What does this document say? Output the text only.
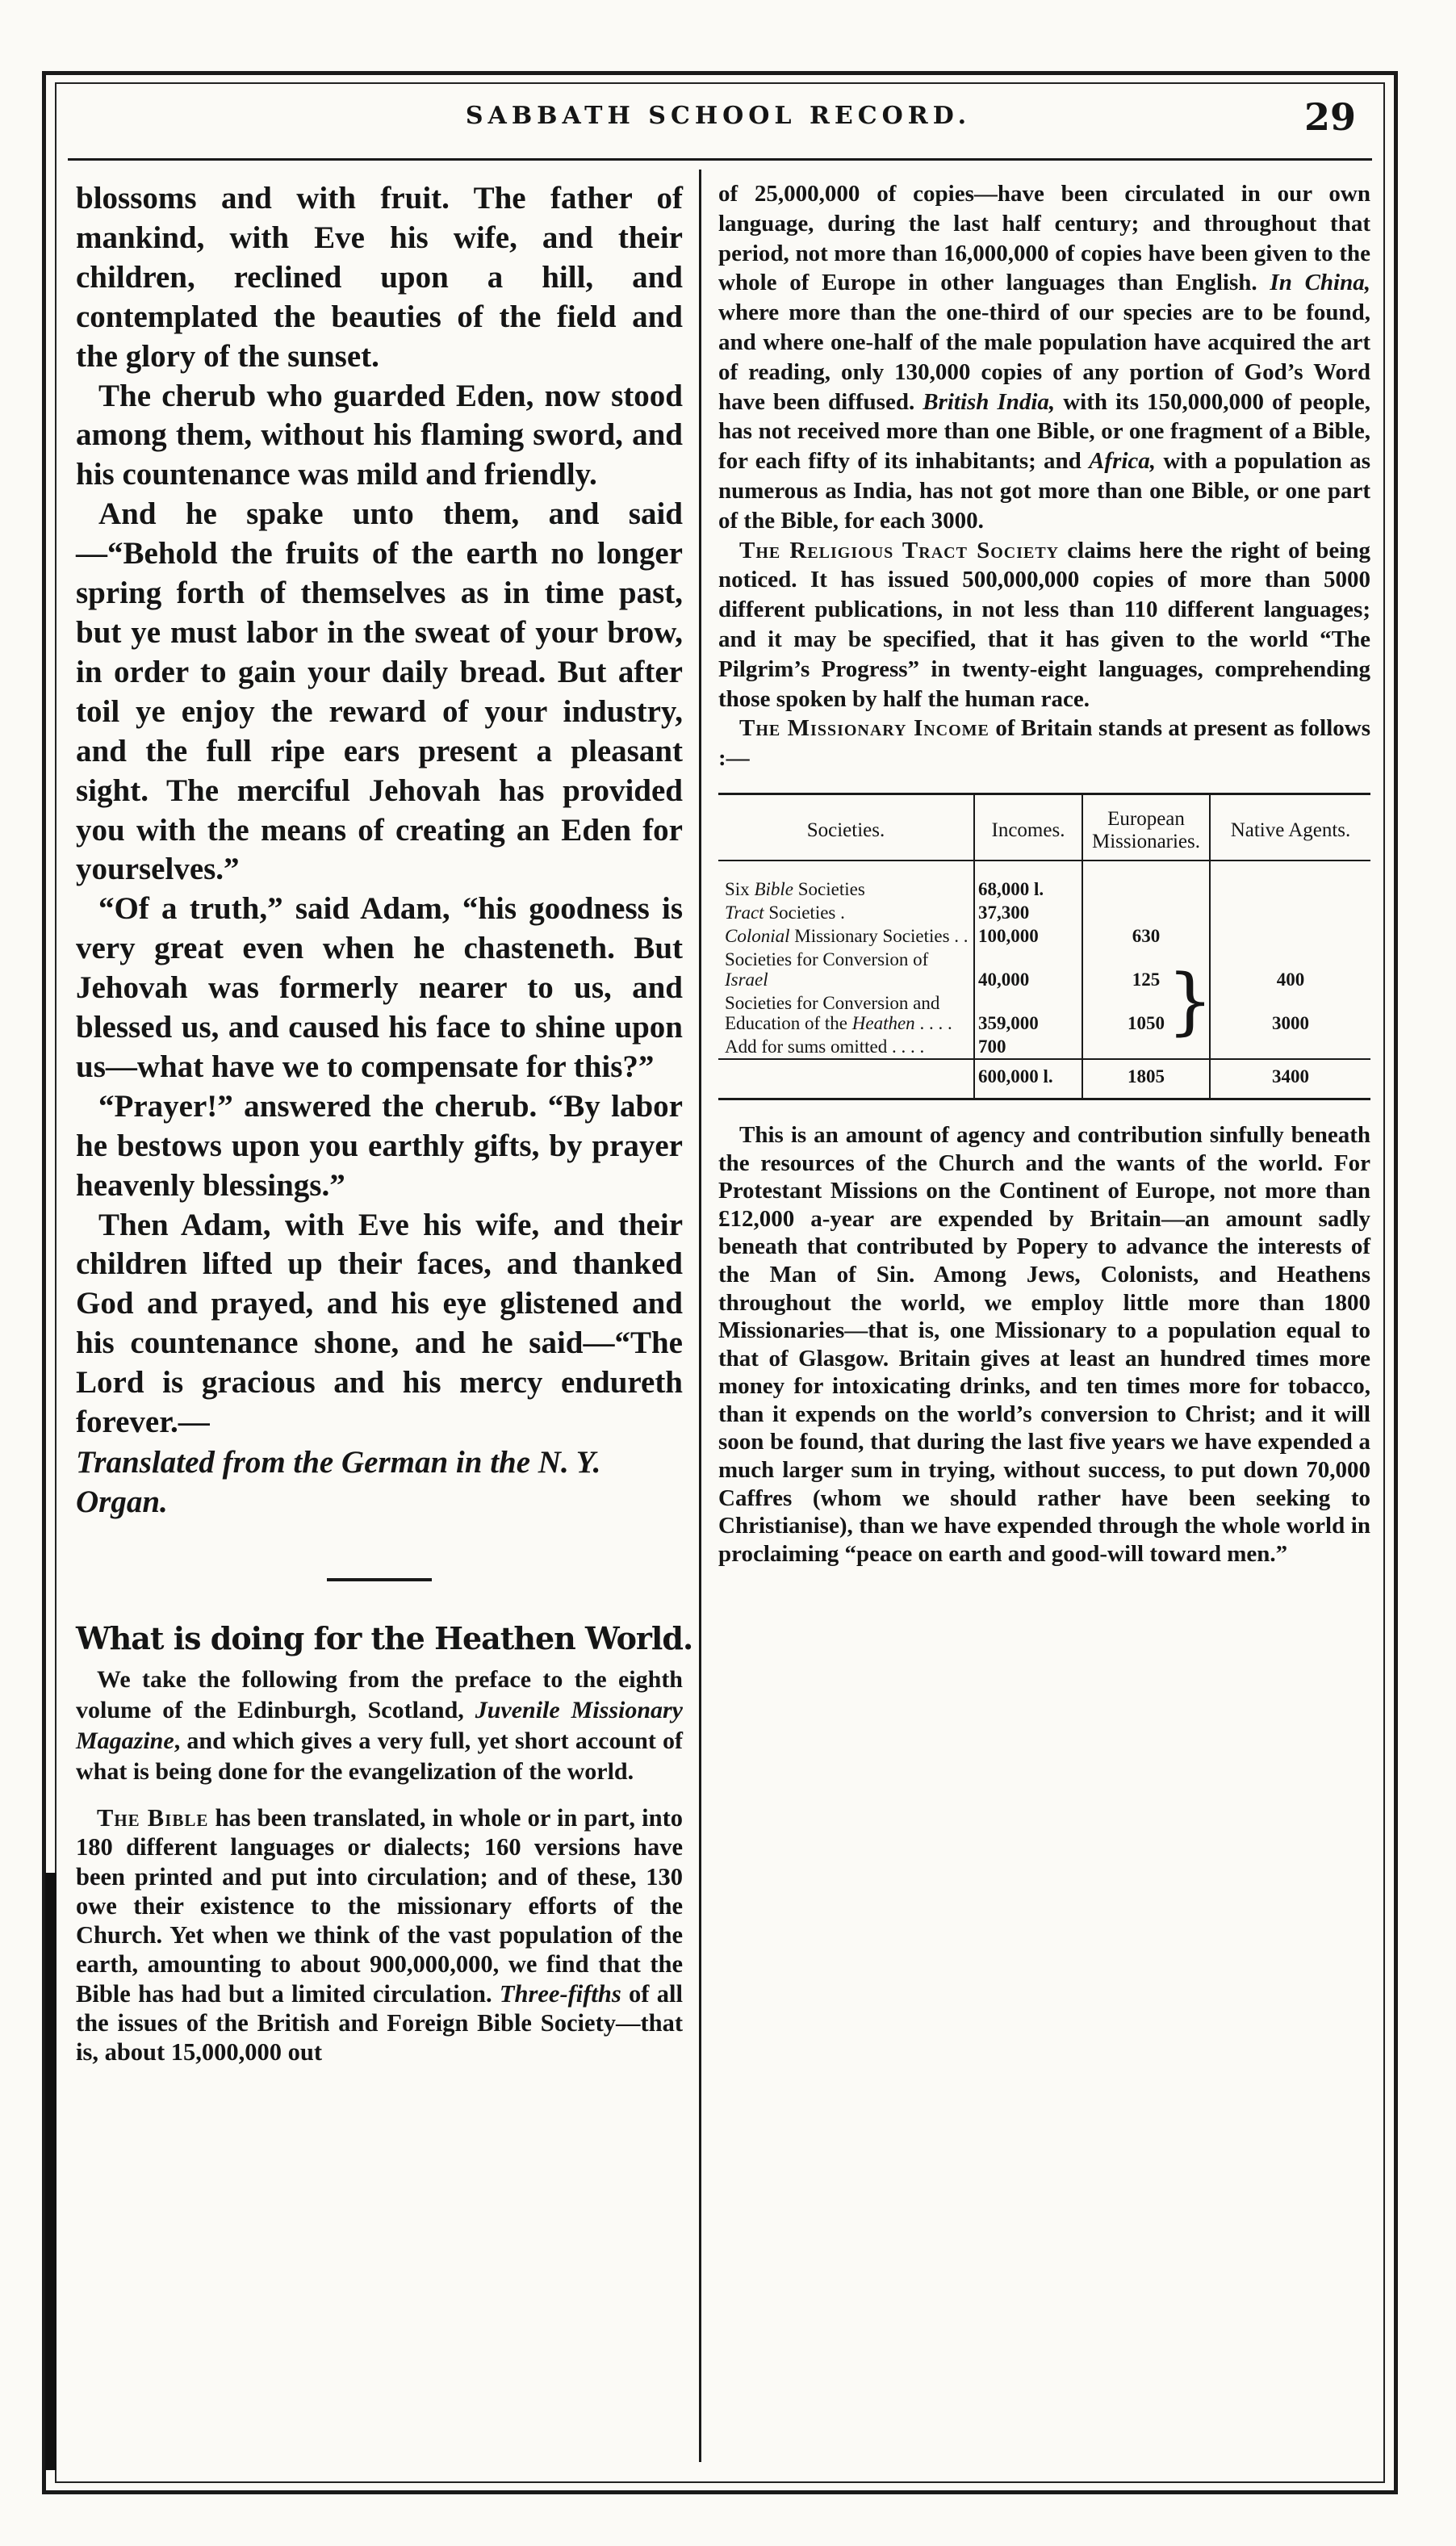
SABBATH SCHOOL RECORD.	29

blossoms and with fruit. The father of mankind, with Eve his wife, and their children, reclined upon a hill, and contemplated the beauties of the field and the glory of the sunset.

The cherub who guarded Eden, now stood among them, without his flaming sword, and his countenance was mild and friendly.

And he spake unto them, and said—“Behold the fruits of the earth no longer spring forth of themselves as in time past, but ye must labor in the sweat of your brow, in order to gain your daily bread. But after toil ye enjoy the reward of your industry, and the full ripe ears present a pleasant sight. The merciful Jehovah has provided you with the means of creating an Eden for yourselves.”

“Of a truth,” said Adam, “his goodness is very great even when he chasteneth. But Jehovah was formerly nearer to us, and blessed us, and caused his face to shine upon us—what have we to compensate for this?”

“Prayer!” answered the cherub. “By labor he bestows upon you earthly gifts, by prayer heavenly blessings.”

Then Adam, with Eve his wife, and their children lifted up their faces, and thanked God and prayed, and his eye glistened and his countenance shone, and he said—“The Lord is gracious and his mercy endureth forever.—

Translated from the German in the N. Y. Organ.

What is doing for the Heathen World.

We take the following from the preface to the eighth volume of the Edinburgh, Scotland, Juvenile Missionary Magazine, and which gives a very full, yet short account of what is being done for the evangelization of the world.

The Bible has been translated, in whole or in part, into 180 different languages or dialects; 160 versions have been printed and put into circulation; and of these, 130 owe their existence to the missionary efforts of the Church. Yet when we think of the vast population of the earth, amounting to about 900,000,000, we find that the Bible has had but a limited circulation. Three-fifths of all the issues of the British and Foreign Bible Society—that is, about 15,000,000 out

of 25,000,000 of copies—have been circulated in our own language, during the last half century; and throughout that period, not more than 16,000,000 of copies have been given to the whole of Europe in other languages than English. In China, where more than the one-third of our species are to be found, and where one-half of the male population have acquired the art of reading, only 130,000 copies of any portion of God’s Word have been diffused. British India, with its 150,000,000 of people, has not received more than one Bible, or one fragment of a Bible, for each fifty of its inhabitants; and Africa, with a population as numerous as India, has not got more than one Bible, or one part of the Bible, for each 3000.

The Religious Tract Society claims here the right of being noticed. It has issued 500,000,000 copies of more than 5000 different publications, in not less than 110 different languages; and it may be specified, that it has given to the world “The Pilgrim’s Progress” in twenty-eight languages, comprehending those spoken by half the human race.

The Missionary Income of Britain stands at present as follows :—

Societies.	Incomes.	European Missionaries.	Native Agents.
Six Bible Societies	68,000 l.		
Tract Societies .	37,300		
Colonial Missionary Societies . .	100,000	630	
Societies for Conversion of Israel	40,000	125	400
Societies for Conversion and Education of the Heathen . . . .	359,000	1050	3000
Add for sums omitted . . . .	700		
	600,000 l.	1805	3400
}

This is an amount of agency and contribution sinfully beneath the resources of the Church and the wants of the world. For Protestant Missions on the Continent of Europe, not more than £12,000 a-year are expended by Britain—an amount sadly beneath that contributed by Popery to advance the interests of the Man of Sin. Among Jews, Colonists, and Heathens throughout the world, we employ little more than 1800 Missionaries—that is, one Missionary to a population equal to that of Glasgow. Britain gives at least an hundred times more money for intoxicating drinks, and ten times more for tobacco, than it expends on the world’s conversion to Christ; and it will soon be found, that during the last five years we have expended a much larger sum in trying, without success, to put down 70,000 Caffres (whom we should rather have been seeking to Christianise), than we have expended through the whole world in proclaiming “peace on earth and good-will toward men.”
